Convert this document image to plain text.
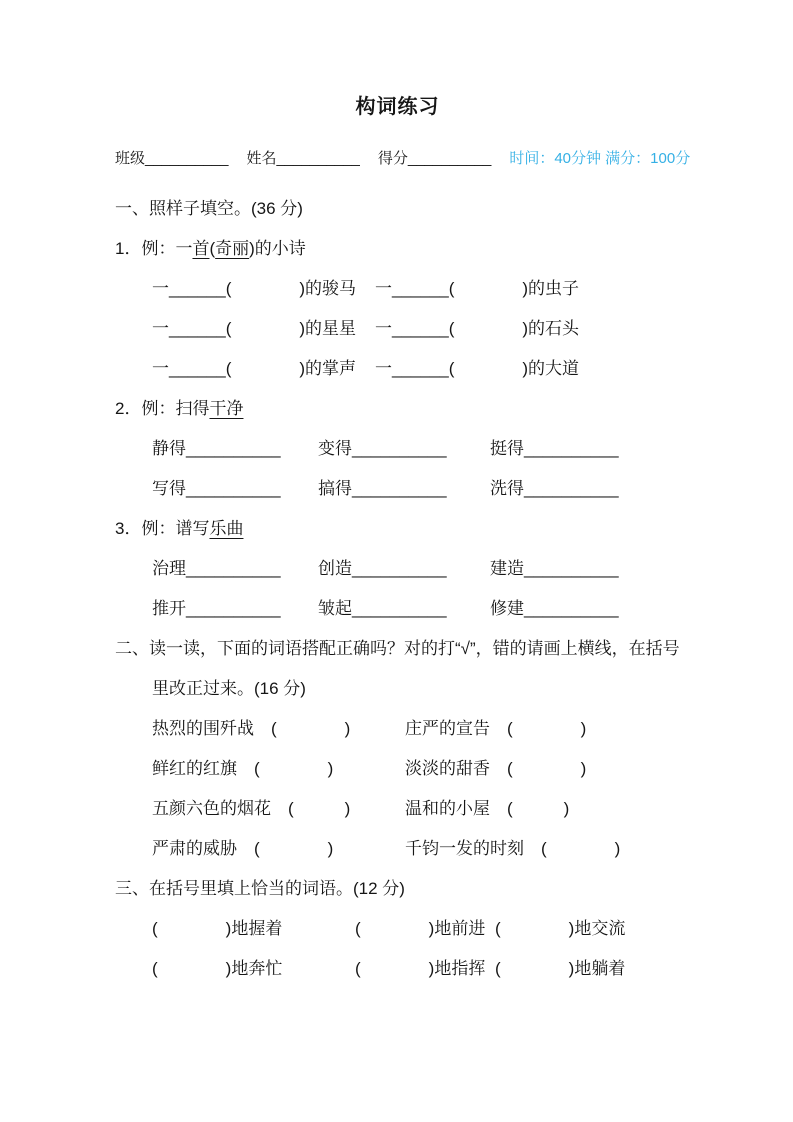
构词练习
班级__________ 姓名__________ 得分__________ 时间：40分钟 满分：100分
一、照样子填空。(36 分)
1．例：一首(奇丽)的小诗
一______(　　　　)的骏马	一______(　　　　)的虫子
一______(　　　　)的星星	一______(　　　　)的石头
一______(　　　　)的掌声	一______(　　　　)的大道
2．例：扫得干净
静得__________	变得__________	挺得__________
写得__________	搞得__________	洗得__________
3．例：谱写乐曲
治理__________	创造__________	建造__________
推开__________	皱起__________	修建__________
二、读一读，下面的词语搭配正确吗？对的打“√”，错的请画上横线，在括号里改正过来。(16 分)
热烈的围歼战　(　　　　)	庄严的宣告　(　　　　)
鲜红的红旗　(　　　　)	淡淡的甜香　(　　　　)
五颜六色的烟花　(　　　)	温和的小屋　(　　　)
严肃的威胁　(　　　　)	千钧一发的时刻　(　　　　)
三、在括号里填上恰当的词语。(12 分)
(　　　　)地握着	(　　　　)地前进 (　　　　)地交流
(　　　　)地奔忙	(　　　　)地指挥 (　　　　)地躺着
